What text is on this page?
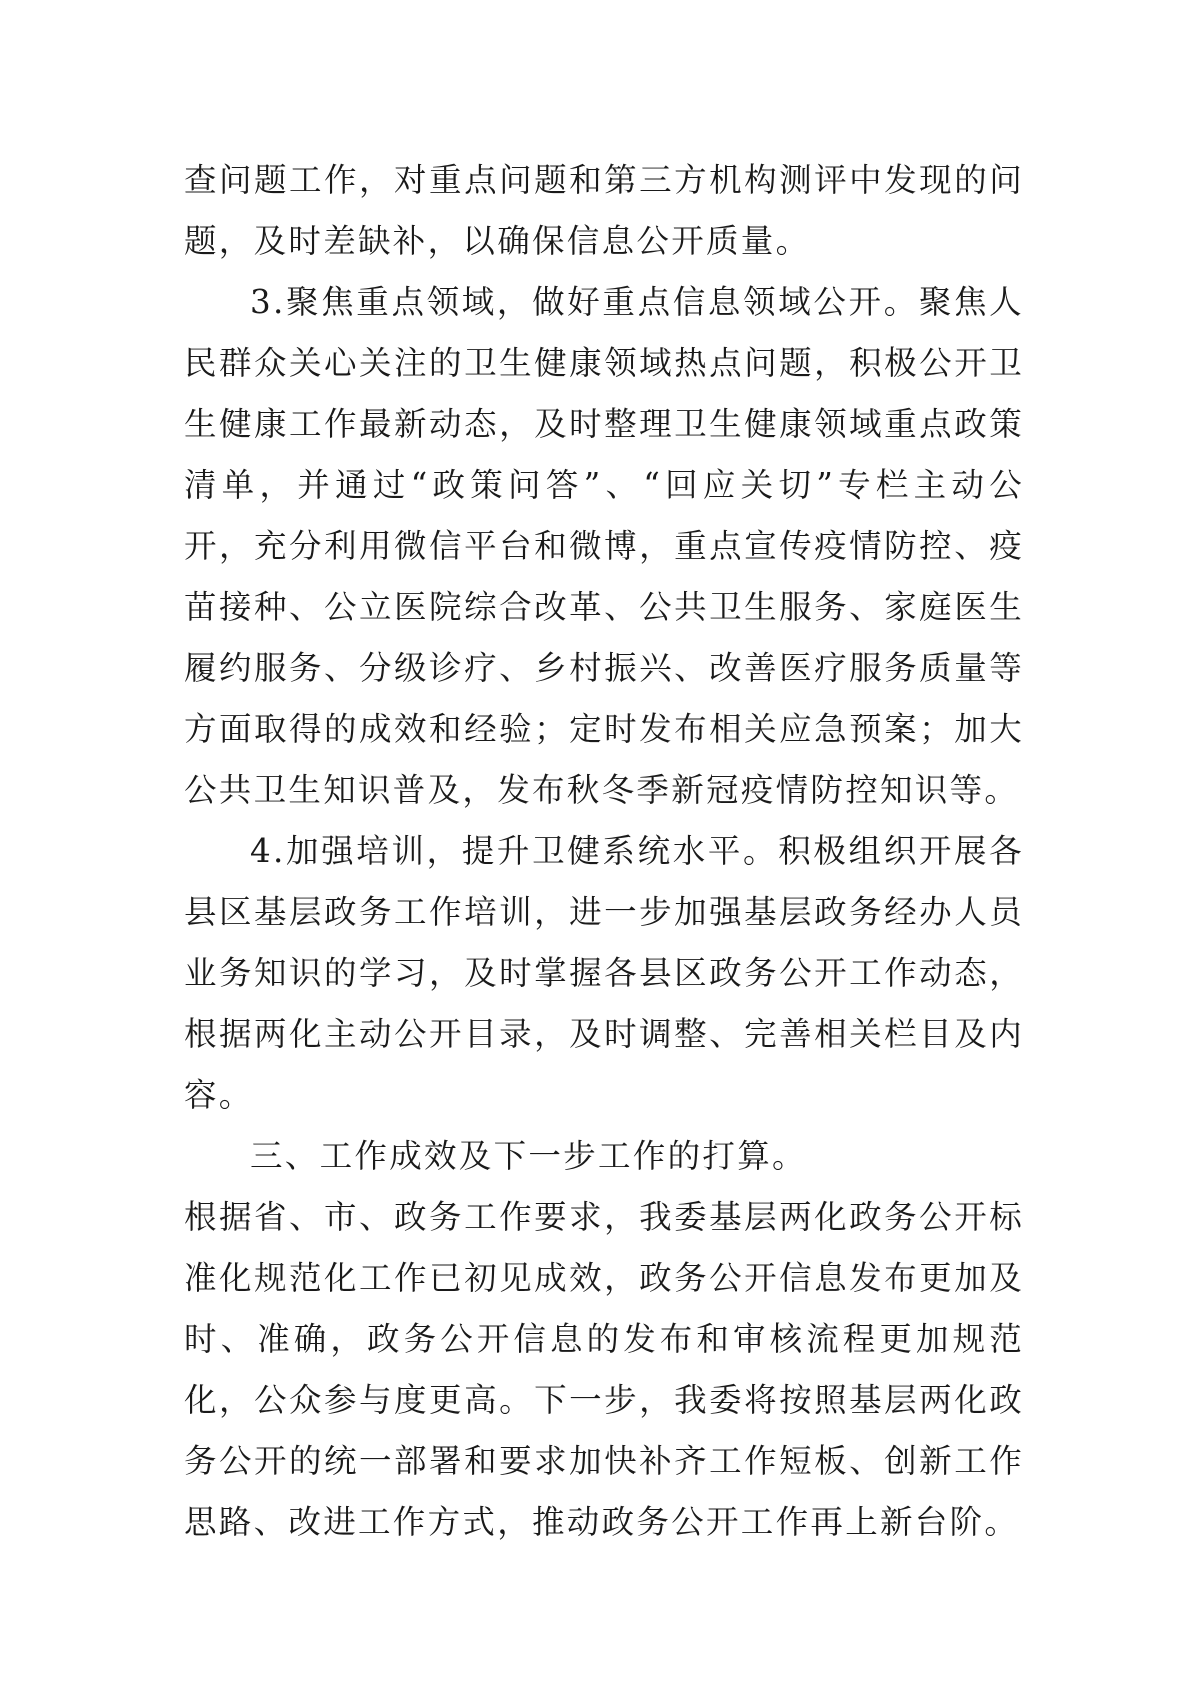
查问题工作，对重点问题和第三方机构测评中发现的问题，及时差缺补，以确保信息公开质量。

3.聚焦重点领域，做好重点信息领域公开。聚焦人民群众关心关注的卫生健康领域热点问题，积极公开卫生健康工作最新动态，及时整理卫生健康领域重点政策清单，并通过“政策问答”、“回应关切”专栏主动公开，充分利用微信平台和微博，重点宣传疫情防控、疫苗接种、公立医院综合改革、公共卫生服务、家庭医生履约服务、分级诊疗、乡村振兴、改善医疗服务质量等方面取得的成效和经验；定时发布相关应急预案；加大公共卫生知识普及，发布秋冬季新冠疫情防控知识等。

4.加强培训，提升卫健系统水平。积极组织开展各县区基层政务工作培训，进一步加强基层政务经办人员业务知识的学习，及时掌握各县区政务公开工作动态，根据两化主动公开目录，及时调整、完善相关栏目及内容。

三、工作成效及下一步工作的打算。

根据省、市、政务工作要求，我委基层两化政务公开标准化规范化工作已初见成效，政务公开信息发布更加及时、准确，政务公开信息的发布和审核流程更加规范化，公众参与度更高。下一步，我委将按照基层两化政务公开的统一部署和要求加快补齐工作短板、创新工作思路、改进工作方式，推动政务公开工作再上新台阶。
